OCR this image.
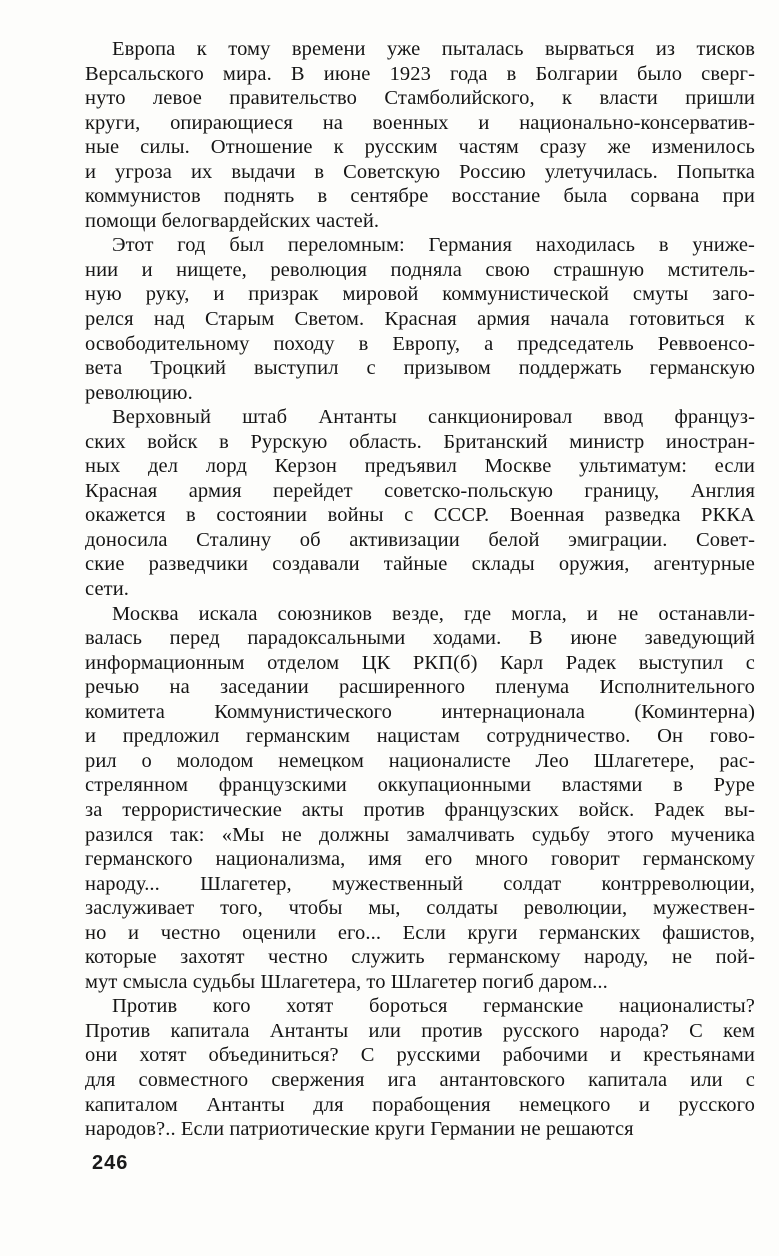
Европа к тому времени уже пыталась вырваться из тисков
Версальского мира. В июне 1923 года в Болгарии было сверг-
нуто левое правительство Стамболийского, к власти пришли
круги, опирающиеся на военных и национально-консерватив-
ные силы. Отношение к русским частям сразу же изменилось
и угроза их выдачи в Советскую Россию улетучилась. Попытка
коммунистов поднять в сентябре восстание была сорвана при
помощи белогвардейских частей.
Этот год был переломным: Германия находилась в униже-
нии и нищете, революция подняла свою страшную мститель-
ную руку, и призрак мировой коммунистической смуты заго-
релся над Старым Светом. Красная армия начала готовиться к
освободительному походу в Европу, а председатель Реввоенсо-
вета Троцкий выступил с призывом поддержать германскую
революцию.
Верховный штаб Антанты санкционировал ввод француз-
ских войск в Рурскую область. Британский министр иностран-
ных дел лорд Керзон предъявил Москве ультиматум: если
Красная армия перейдет советско-польскую границу, Англия
окажется в состоянии войны с СССР. Военная разведка РККА
доносила Сталину об активизации белой эмиграции. Совет-
ские разведчики создавали тайные склады оружия, агентурные
сети.
Москва искала союзников везде, где могла, и не останавли-
валась перед парадоксальными ходами. В июне заведующий
информационным отделом ЦК РКП(б) Карл Радек выступил с
речью на заседании расширенного пленума Исполнительного
комитета Коммунистического интернационала (Коминтерна)
и предложил германским нацистам сотрудничество. Он гово-
рил о молодом немецком националисте Лео Шлагетере, рас-
стрелянном французскими оккупационными властями в Руре
за террористические акты против французских войск. Радек вы-
разился так: «Мы не должны замалчивать судьбу этого мученика
германского национализма, имя его много говорит германскому
народу... Шлагетер, мужественный солдат контрреволюции,
заслуживает того, чтобы мы, солдаты революции, мужествен-
но и честно оценили его... Если круги германских фашистов,
которые захотят честно служить германскому народу, не пой-
мут смысла судьбы Шлагетера, то Шлагетер погиб даром...
Против кого хотят бороться германские националисты?
Против капитала Антанты или против русского народа? С кем
они хотят объединиться? С русскими рабочими и крестьянами
для совместного свержения ига антантовского капитала или с
капиталом Антанты для порабощения немецкого и русского
народов?.. Если патриотические круги Германии не решаются
246
